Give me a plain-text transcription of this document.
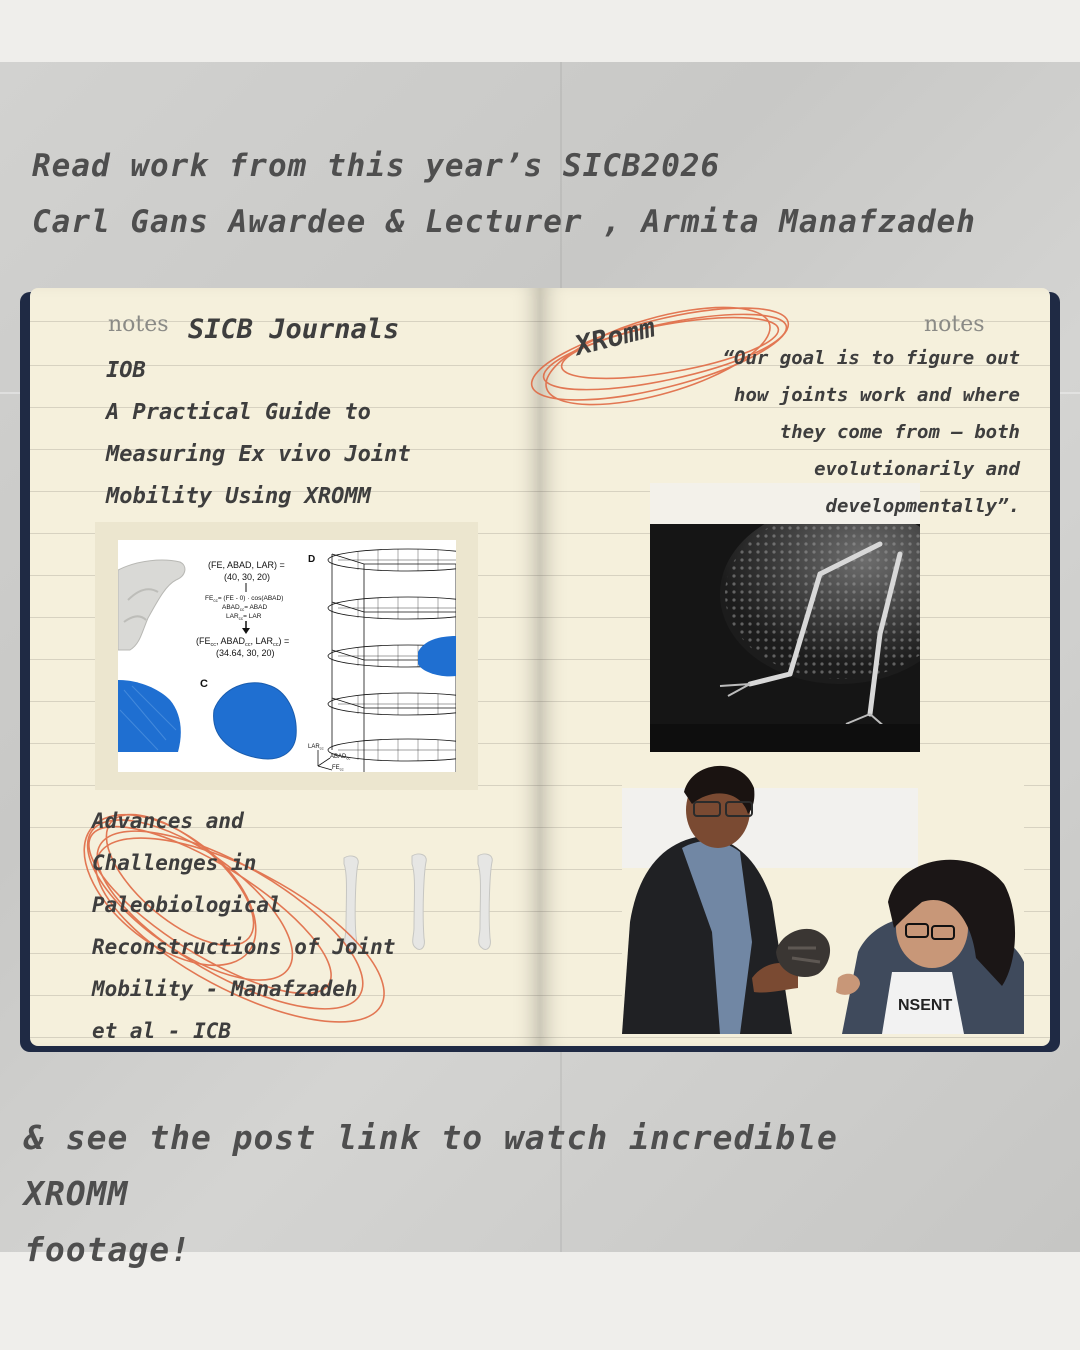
Read work from this year’s SICB2026
Carl Gans Awardee & Lecturer , Armita Manafzadeh
notes	notes
SICB Journals
IOB
A Practical Guide to
Measuring Ex vivo Joint
Mobility Using XROMM
C
(FE, ABAD, LAR) =
(40, 30, 20)
$FE_{cc}= (FE - 0)$ · cos(ABAD)
$ABAD_{cc}=$ ABAD
$LAR_{cc}=$ LAR
($FE_{cc}$, $ABAD_{cc}$, $LAR_{cc}$) =
(34.64, 30, 20)
D
$LAR_{cc}$
$ABAD_{cc}$
$FE_{cc}$
Advances and
Challenges in
Paleobiological
Reconstructions of Joint
Mobility - Manafzadeh
et al - ICB
NSENT
XRomm	“Our goal is to figure out
how joints work and where
they come from — both
evolutionarily and
developmentally”.
& see the post link to watch incredible XROMM
footage!
